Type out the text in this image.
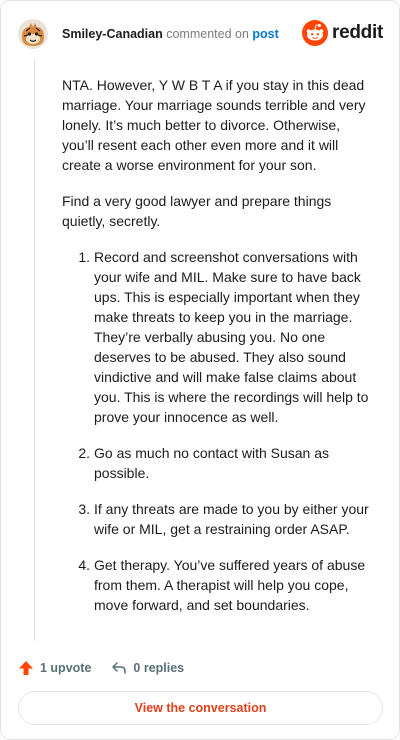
Smiley-Canadian commented on post	reddit

NTA. However, Y W B T A if you stay in this dead marriage. Your marriage sounds terrible and very lonely. It’s much better to divorce. Otherwise, you’ll resent each other even more and it will create a worse environment for your son.

Find a very good lawyer and prepare things quietly, secretly.

1. Record and screenshot conversations with your wife and MIL. Make sure to have back ups. This is especially important when they make threats to keep you in the marriage. They’re verbally abusing you. No one deserves to be abused. They also sound vindictive and will make false claims about you. This is where the recordings will help to prove your innocence as well.
2. Go as much no contact with Susan as possible.
3. If any threats are made to you by either your wife or MIL, get a restraining order ASAP.
4. Get therapy. You’ve suffered years of abuse from them. A therapist will help you cope, move forward, and set boundaries.
1 upvote	0 replies
View the conversation
